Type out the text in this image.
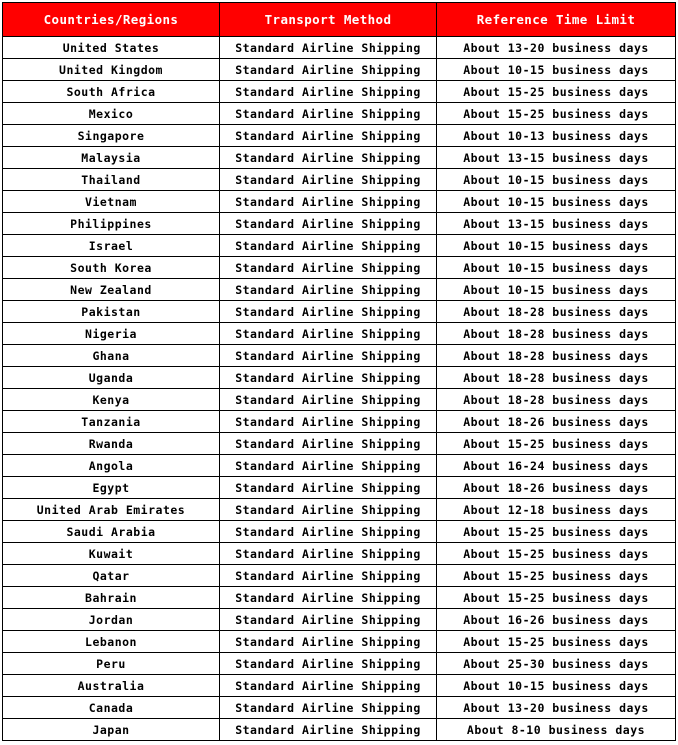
Countries/Regions	Transport Method	Reference Time Limit
United States	Standard Airline Shipping	About 13-20 business days
United Kingdom	Standard Airline Shipping	About 10-15 business days
South Africa	Standard Airline Shipping	About 15-25 business days
Mexico	Standard Airline Shipping	About 15-25 business days
Singapore	Standard Airline Shipping	About 10-13 business days
Malaysia	Standard Airline Shipping	About 13-15 business days
Thailand	Standard Airline Shipping	About 10-15 business days
Vietnam	Standard Airline Shipping	About 10-15 business days
Philippines	Standard Airline Shipping	About 13-15 business days
Israel	Standard Airline Shipping	About 10-15 business days
South Korea	Standard Airline Shipping	About 10-15 business days
New Zealand	Standard Airline Shipping	About 10-15 business days
Pakistan	Standard Airline Shipping	About 18-28 business days
Nigeria	Standard Airline Shipping	About 18-28 business days
Ghana	Standard Airline Shipping	About 18-28 business days
Uganda	Standard Airline Shipping	About 18-28 business days
Kenya	Standard Airline Shipping	About 18-28 business days
Tanzania	Standard Airline Shipping	About 18-26 business days
Rwanda	Standard Airline Shipping	About 15-25 business days
Angola	Standard Airline Shipping	About 16-24 business days
Egypt	Standard Airline Shipping	About 18-26 business days
United Arab Emirates	Standard Airline Shipping	About 12-18 business days
Saudi Arabia	Standard Airline Shipping	About 15-25 business days
Kuwait	Standard Airline Shipping	About 15-25 business days
Qatar	Standard Airline Shipping	About 15-25 business days
Bahrain	Standard Airline Shipping	About 15-25 business days
Jordan	Standard Airline Shipping	About 16-26 business days
Lebanon	Standard Airline Shipping	About 15-25 business days
Peru	Standard Airline Shipping	About 25-30 business days
Australia	Standard Airline Shipping	About 10-15 business days
Canada	Standard Airline Shipping	About 13-20 business days
Japan	Standard Airline Shipping	About 8-10 business days
